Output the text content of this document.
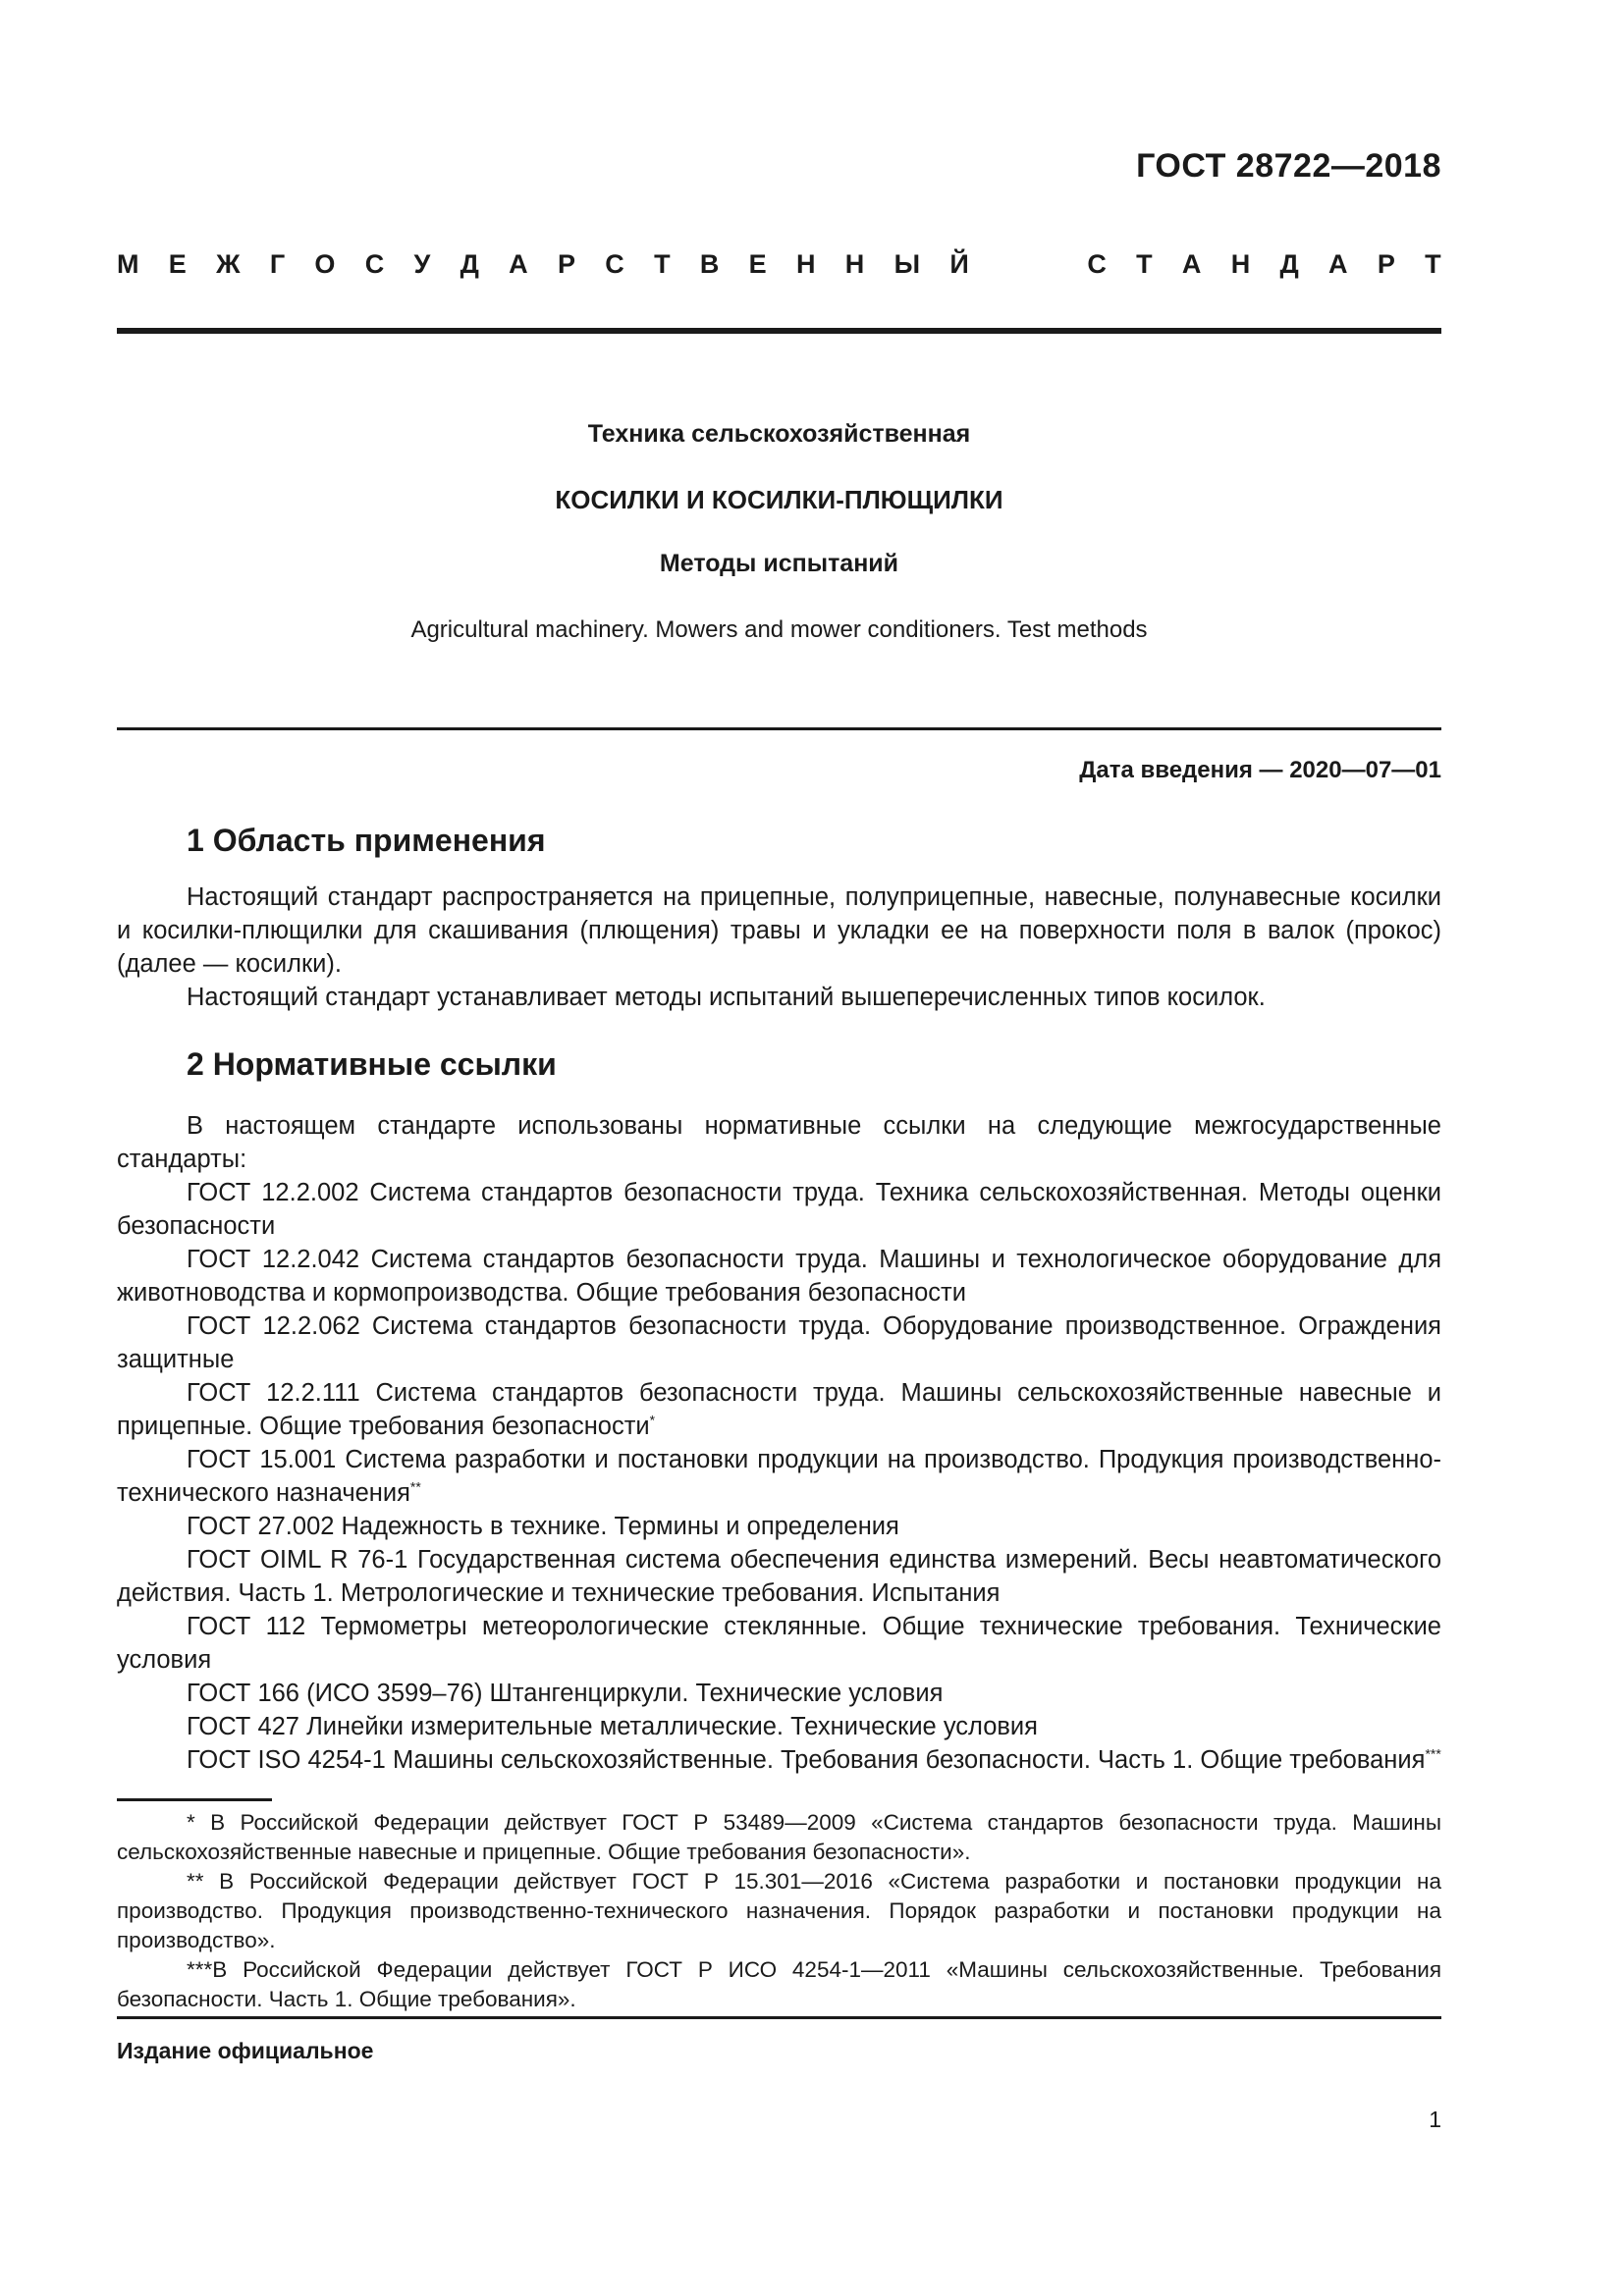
ГОСТ 28722—2018
М Е Ж Г О С У Д А Р С Т В Е Н Н Ы Й	С Т А Н Д А Р Т
Техника сельскохозяйственная
КОСИЛКИ И КОСИЛКИ-ПЛЮЩИЛКИ
Методы испытаний
Agricultural machinery. Mowers and mower conditioners. Test methods
Дата введения — 2020—07—01
1 Область применения

Настоящий стандарт распространяется на прицепные, полуприцепные, навесные, полунавесные косилки и косилки-плющилки для скашивания (плющения) травы и укладки ее на поверхности поля в валок (прокос) (далее — косилки).

Настоящий стандарт устанавливает методы испытаний вышеперечисленных типов косилок.

2 Нормативные ссылки

В настоящем стандарте использованы нормативные ссылки на следующие межгосударственные стандарты:

ГОСТ 12.2.002 Система стандартов безопасности труда. Техника сельскохозяйственная. Методы оценки безопасности

ГОСТ 12.2.042 Система стандартов безопасности труда. Машины и технологическое оборудование для животноводства и кормопроизводства. Общие требования безопасности

ГОСТ 12.2.062 Система стандартов безопасности труда. Оборудование производственное. Ограждения защитные

ГОСТ 12.2.111 Система стандартов безопасности труда. Машины сельскохозяйственные навесные и прицепные. Общие требования безопасности*

ГОСТ 15.001 Система разработки и постановки продукции на производство. Продукция производственно-технического назначения**

ГОСТ 27.002 Надежность в технике. Термины и определения

ГОСТ OIML R 76-1 Государственная система обеспечения единства измерений. Весы неавтоматического действия. Часть 1. Метрологические и технические требования. Испытания

ГОСТ 112 Термометры метеорологические стеклянные. Общие технические требования. Технические условия

ГОСТ 166 (ИСО 3599–76) Штангенциркули. Технические условия

ГОСТ 427 Линейки измерительные металлические. Технические условия

ГОСТ ISO 4254-1 Машины сельскохозяйственные. Требования безопасности. Часть 1. Общие требования***

* В Российской Федерации действует ГОСТ Р 53489—2009 «Система стандартов безопасности труда. Машины сельскохозяйственные навесные и прицепные. Общие требования безопасности».

** В Российской Федерации действует ГОСТ Р 15.301—2016 «Система разработки и постановки продукции на производство. Продукция производственно-технического назначения. Порядок разработки и постановки продукции на производство».

***В Российской Федерации действует ГОСТ Р ИСО 4254-1—2011 «Машины сельскохозяйственные. Требования безопасности. Часть 1. Общие требования».

Издание официальное
1
